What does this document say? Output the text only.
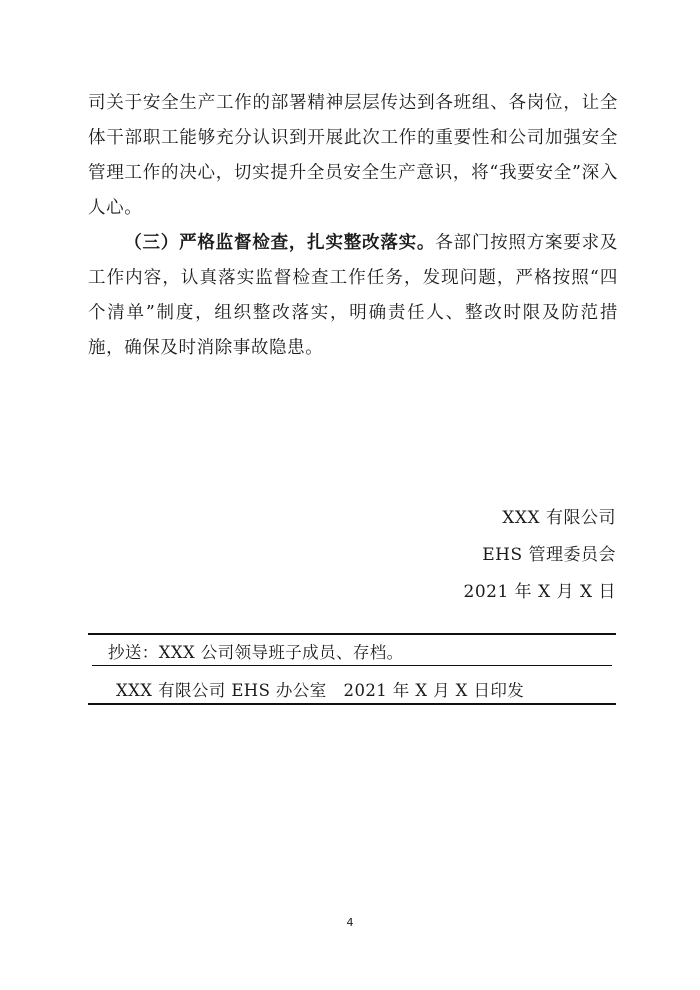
司关于安全生产工作的部署精神层层传达到各班组、各岗位，让全体干部职工能够充分认识到开展此次工作的重要性和公司加强安全管理工作的决心，切实提升全员安全生产意识，将“我要安全”深入人心。
（三）严格监督检查，扎实整改落实。各部门按照方案要求及工作内容，认真落实监督检查工作任务，发现问题，严格按照“四个清单”制度，组织整改落实，明确责任人、整改时限及防范措施，确保及时消除事故隐患。
XXX 有限公司
EHS 管理委员会
2021 年 X 月 X 日
抄送：XXX 公司领导班子成员、存档。
XXX 有限公司 EHS 办公室   2021 年 X 月 X 日印发
4
